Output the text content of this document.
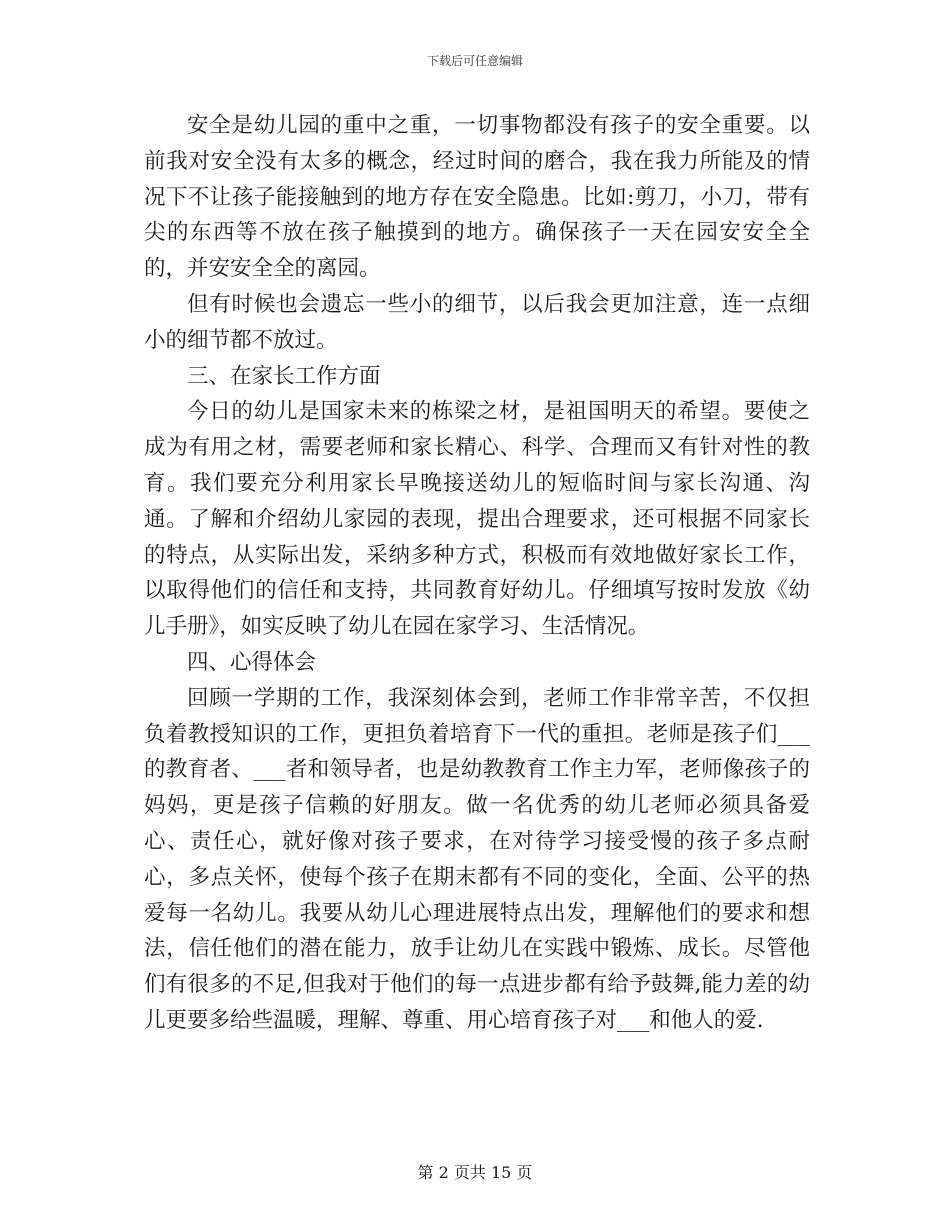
下载后可任意编辑

安全是幼儿园的重中之重，一切事物都没有孩子的安全重要。以前我对安全没有太多的概念，经过时间的磨合，我在我力所能及的情况下不让孩子能接触到的地方存在安全隐患。比如:剪刀，小刀，带有尖的东西等不放在孩子触摸到的地方。确保孩子一天在园安安全全的，并安安全全的离园。

但有时候也会遗忘一些小的细节，以后我会更加注意，连一点细小的细节都不放过。

三、在家长工作方面

今日的幼儿是国家未来的栋梁之材，是祖国明天的希望。要使之成为有用之材，需要老师和家长精心、科学、合理而又有针对性的教育。我们要充分利用家长早晚接送幼儿的短临时间与家长沟通、沟通。了解和介绍幼儿家园的表现，提出合理要求，还可根据不同家长的特点，从实际出发，采纳多种方式，积极而有效地做好家长工作，以取得他们的信任和支持，共同教育好幼儿。仔细填写按时发放《幼儿手册》，如实反映了幼儿在园在家学习、生活情况。

四、心得体会

回顾一学期的工作，我深刻体会到，老师工作非常辛苦，不仅担负着教授知识的工作，更担负着培育下一代的重担。老师是孩子们___的教育者、___者和领导者，也是幼教教育工作主力军，老师像孩子的妈妈，更是孩子信赖的好朋友。做一名优秀的幼儿老师必须具备爱心、责任心，就好像对孩子要求，在对待学习接受慢的孩子多点耐心，多点关怀，使每个孩子在期末都有不同的变化，全面、公平的热爱每一名幼儿。我要从幼儿心理进展特点出发，理解他们的要求和想法，信任他们的潜在能力，放手让幼儿在实践中锻炼、成长。尽管他们有很多的不足,但我对于他们的每一点进步都有给予鼓舞,能力差的幼儿更要多给些温暖，理解、尊重、用心培育孩子对___和他人的爱.

第 2 页共 15 页
